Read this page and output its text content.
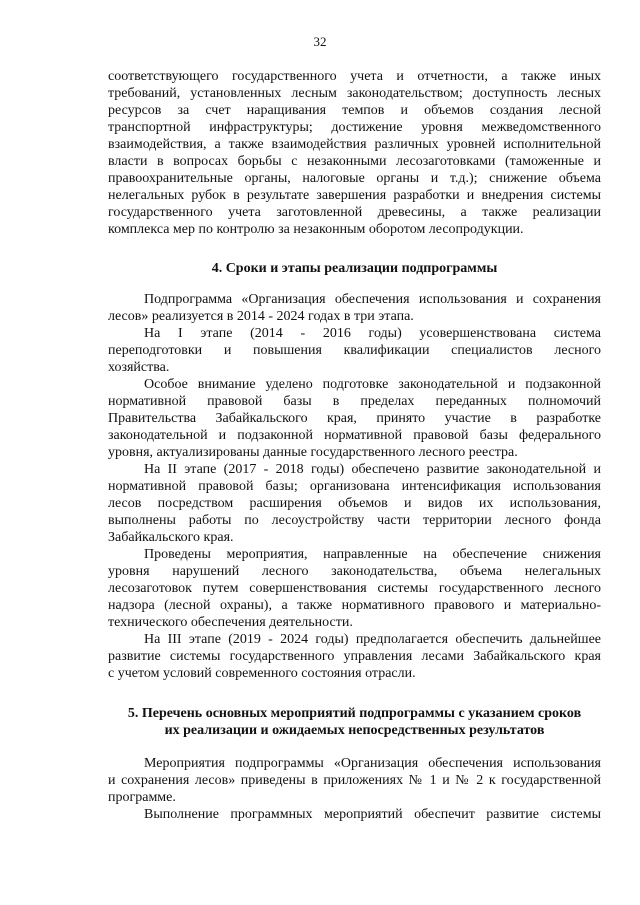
32
соответствующего государственного учета и отчетности, а также иных
требований, установленных лесным законодательством; доступность лесных
ресурсов за счет наращивания темпов и объемов создания лесной
транспортной инфраструктуры; достижение уровня межведомственного
взаимодействия, а также взаимодействия различных уровней исполнительной
власти в вопросах борьбы с незаконными лесозаготовками (таможенные и
правоохранительные органы, налоговые органы и т.д.); снижение объема
нелегальных рубок в результате завершения разработки и внедрения системы
государственного учета заготовленной древесины, а также реализации
комплекса мер по контролю за незаконным оборотом лесопродукции.
4. Сроки и этапы реализации подпрограммы
Подпрограмма «Организация обеспечения использования и сохранения
лесов» реализуется в 2014 - 2024 годах в три этапа.
На I этапе (2014 - 2016 годы) усовершенствована система
переподготовки и повышения квалификации специалистов лесного
хозяйства.
Особое внимание уделено подготовке законодательной и подзаконной
нормативной правовой базы в пределах переданных полномочий
Правительства Забайкальского края, принято участие в разработке
законодательной и подзаконной нормативной правовой базы федерального
уровня, актуализированы данные государственного лесного реестра.
На II этапе (2017 - 2018 годы) обеспечено развитие законодательной и
нормативной правовой базы; организована интенсификация использования
лесов посредством расширения объемов и видов их использования,
выполнены работы по лесоустройству части территории лесного фонда
Забайкальского края.
Проведены мероприятия, направленные на обеспечение снижения
уровня нарушений лесного законодательства, объема нелегальных
лесозаготовок путем совершенствования системы государственного лесного
надзора (лесной охраны), а также нормативного правового и материально-
технического обеспечения деятельности.
На III этапе (2019 - 2024 годы) предполагается обеспечить дальнейшее
развитие системы государственного управления лесами Забайкальского края
с учетом условий современного состояния отрасли.
5. Перечень основных мероприятий подпрограммы с указанием сроков
их реализации и ожидаемых непосредственных результатов
Мероприятия подпрограммы «Организация обеспечения использования
и сохранения лесов» приведены в приложениях № 1 и № 2 к государственной
программе.
Выполнение программных мероприятий обеспечит развитие системы
